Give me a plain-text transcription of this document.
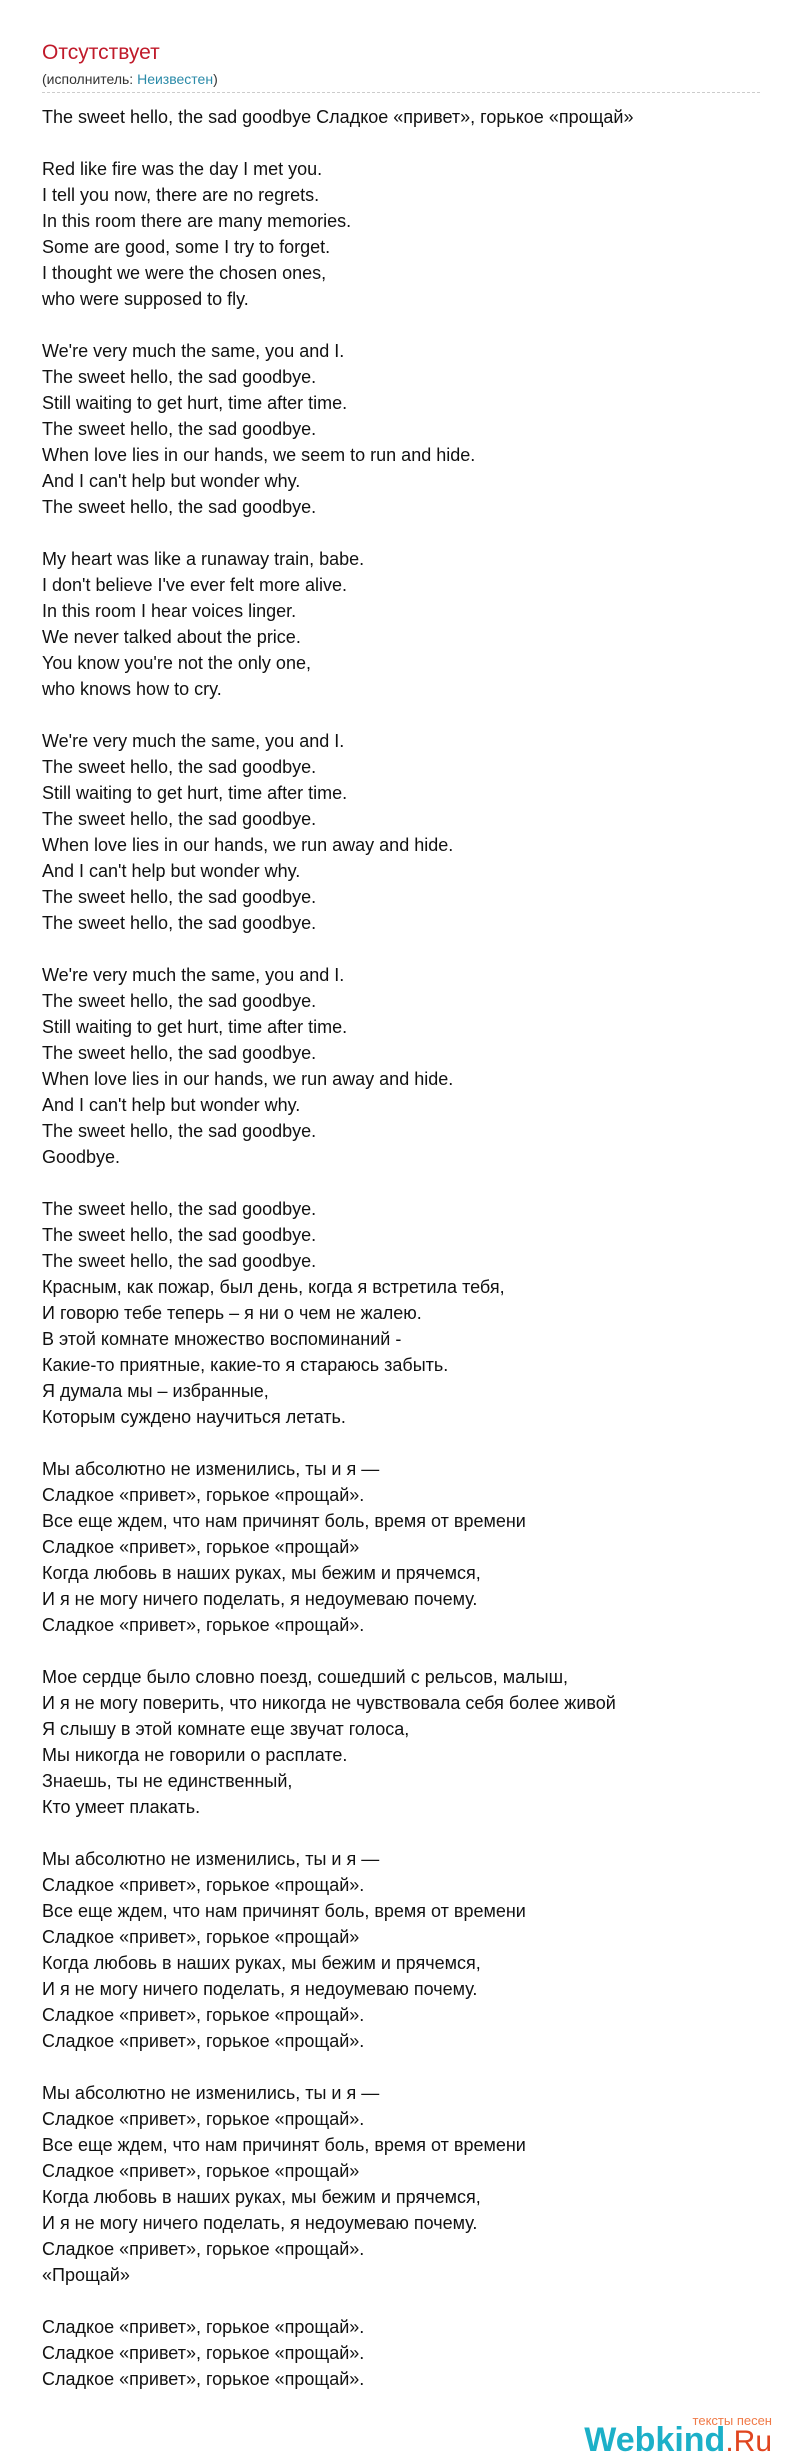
Отсутствует
(исполнитель: Неизвестен)
The sweet hello, the sad goodbye Сладкое «привет», горькое «прощай»

Red like fire was the day I met you.
I tell you now, there are no regrets.
In this room there are many memories.
Some are good, some I try to forget.
I thought we were the chosen ones,
who were supposed to fly.

We're very much the same, you and I.
The sweet hello, the sad goodbye.
Still waiting to get hurt, time after time.
The sweet hello, the sad goodbye.
When love lies in our hands, we seem to run and hide.
And I can't help but wonder why.
The sweet hello, the sad goodbye.

My heart was like a runaway train, babe.
I don't believe I've ever felt more alive.
In this room I hear voices linger.
We never talked about the price.
You know you're not the only one,
who knows how to cry.

We're very much the same, you and I.
The sweet hello, the sad goodbye.
Still waiting to get hurt, time after time.
The sweet hello, the sad goodbye.
When love lies in our hands, we run away and hide.
And I can't help but wonder why.
The sweet hello, the sad goodbye.
The sweet hello, the sad goodbye.

We're very much the same, you and I.
The sweet hello, the sad goodbye.
Still waiting to get hurt, time after time.
The sweet hello, the sad goodbye.
When love lies in our hands, we run away and hide.
And I can't help but wonder why.
The sweet hello, the sad goodbye.
Goodbye.

The sweet hello, the sad goodbye.
The sweet hello, the sad goodbye.
The sweet hello, the sad goodbye.
Красным, как пожар, был день, когда я встретила тебя,
И говорю тебе теперь – я ни о чем не жалею.
В этой комнате множество воспоминаний -
Какие-то приятные, какие-то я стараюсь забыть.
Я думала мы – избранные,
Которым суждено научиться летать.

Мы абсолютно не изменились, ты и я —
Сладкое «привет», горькое «прощай».
Все еще ждем, что нам причинят боль, время от времени
Сладкое «привет», горькое «прощай»
Когда любовь в наших руках, мы бежим и прячемся,
И я не могу ничего поделать, я недоумеваю почему.
Сладкое «привет», горькое «прощай».

Мое сердце было словно поезд, сошедший с рельсов, малыш,
И я не могу поверить, что никогда не чувствовала себя более живой
Я слышу в этой комнате еще звучат голоса,
Мы никогда не говорили о расплате.
Знаешь, ты не единственный,
Кто умеет плакать.

Мы абсолютно не изменились, ты и я —
Сладкое «привет», горькое «прощай».
Все еще ждем, что нам причинят боль, время от времени
Сладкое «привет», горькое «прощай»
Когда любовь в наших руках, мы бежим и прячемся,
И я не могу ничего поделать, я недоумеваю почему.
Сладкое «привет», горькое «прощай».
Сладкое «привет», горькое «прощай».

Мы абсолютно не изменились, ты и я —
Сладкое «привет», горькое «прощай».
Все еще ждем, что нам причинят боль, время от времени
Сладкое «привет», горькое «прощай»
Когда любовь в наших руках, мы бежим и прячемся,
И я не могу ничего поделать, я недоумеваю почему.
Сладкое «привет», горькое «прощай».
«Прощай»

Сладкое «привет», горькое «прощай».
Сладкое «привет», горькое «прощай».
Сладкое «привет», горькое «прощай».
тексты песен
Webkind.Ru
